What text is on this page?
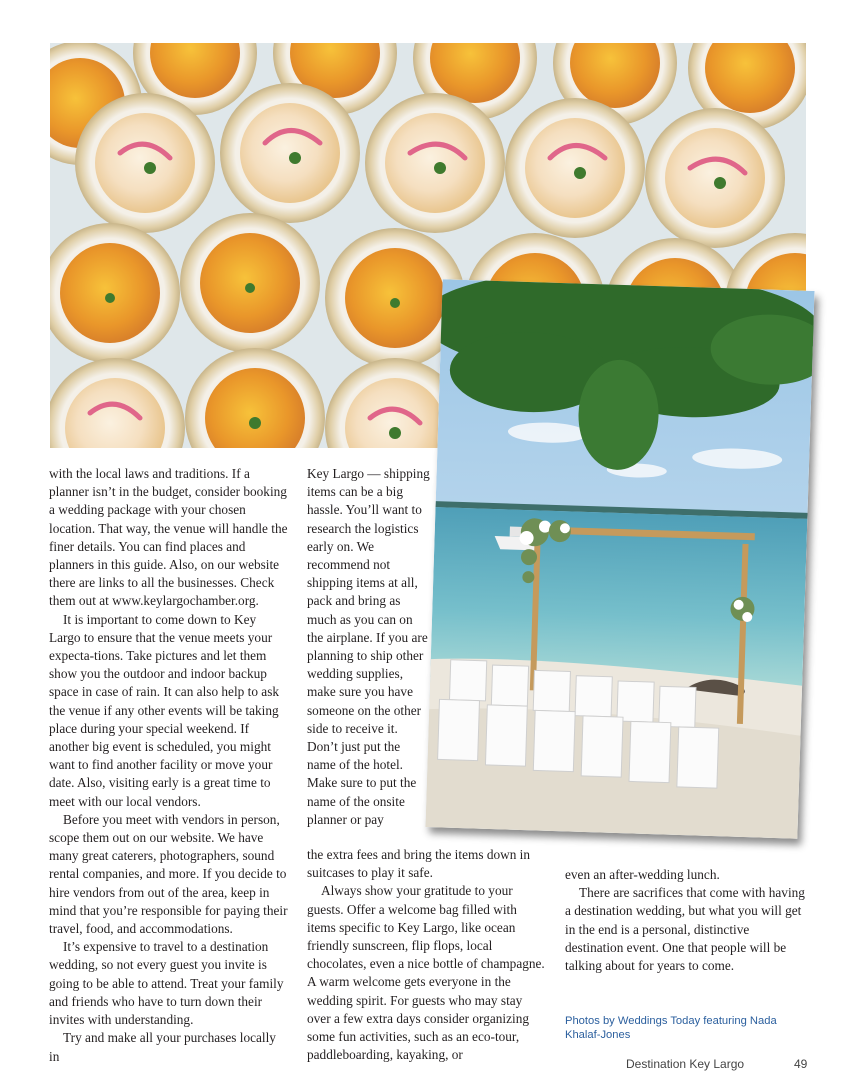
with the local laws and traditions. If a planner isn’t in the budget, consider booking a wedding package with your chosen location. That way, the venue will handle the finer details. You can find places and planners in this guide. Also, on our website there are links to all the businesses. Check them out at www.keylargochamber.org.

It is important to come down to Key Largo to ensure that the venue meets your expecta-tions. Take pictures and let them show you the outdoor and indoor backup space in case of rain. It can also help to ask the venue if any other events will be taking place during your special weekend. If another big event is scheduled, you might want to find another facility or move your date. Also, visiting early is a great time to meet with our local vendors.

Before you meet with vendors in person, scope them out on our website. We have many great caterers, photographers, sound rental companies, and more. If you decide to hire vendors from out of the area, keep in mind that you’re responsible for paying their travel, food, and accommodations.

It’s expensive to travel to a destination wedding, so not every guest you invite is going to be able to attend. Treat your family and friends who have to turn down their invites with understanding.

Try and make all your purchases locally in

Key Largo — shipping items can be a big hassle. You’ll want to research the logistics early on. We recommend not shipping items at all, pack and bring as much as you can on the airplane. If you are planning to ship other wedding supplies, make sure you have someone on the other side to receive it. Don’t just put the name of the hotel. Make sure to put the name of the onsite planner or pay

the extra fees and bring the items down in suitcases to play it safe.

Always show your gratitude to your guests. Offer a welcome bag filled with items specific to Key Largo, like ocean friendly sunscreen, flip flops, local chocolates, even a nice bottle of champagne. A warm welcome gets everyone in the wedding spirit. For guests who may stay over a few extra days consider organizing some fun activities, such as an eco-tour, paddleboarding, kayaking, or

even an after-wedding lunch.

There are sacrifices that come with having a destination wedding, but what you will get in the end is a personal, distinctive destination event. One that people will be talking about for years to come.

Photos by Weddings Today featuring Nada Khalaf-Jones
Destination Key Largo	49
